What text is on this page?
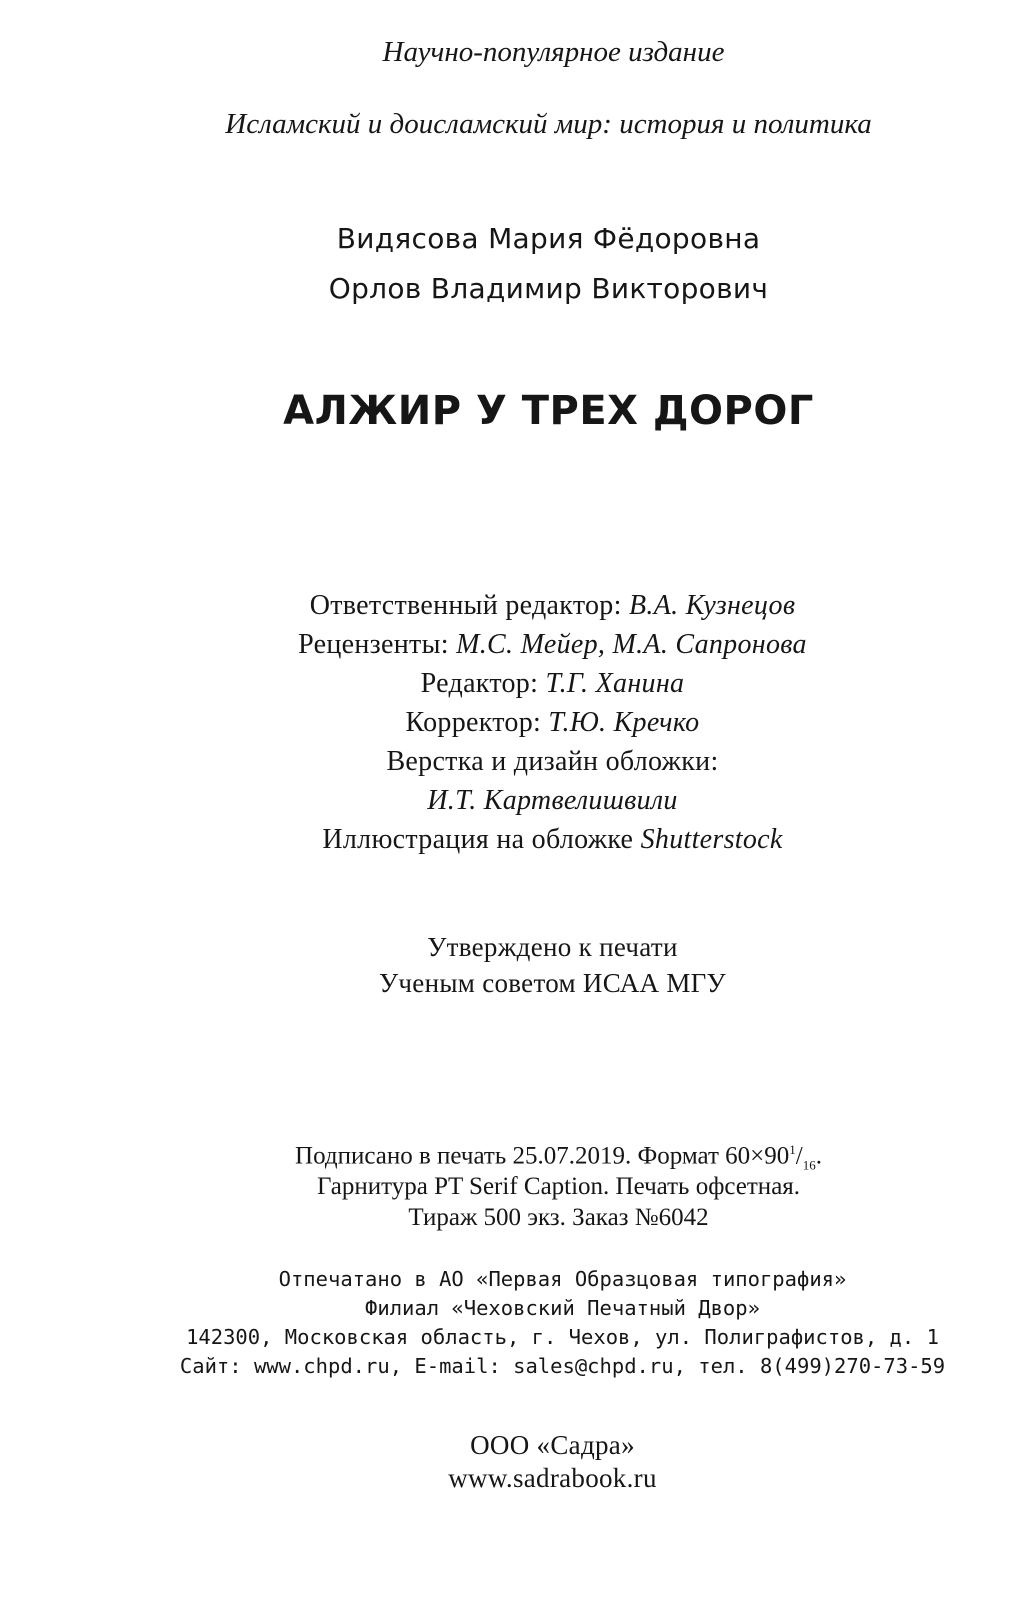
Научно-популярное издание
Исламский и доисламский мир: история и политика
Видясова Мария Фёдоровна
Орлов Владимир Викторович
АЛЖИР У ТРЕХ ДОРОГ
Ответственный редактор: В.А. Кузнецов
Рецензенты: М.С. Мейер, М.А. Сапронова
Редактор: Т.Г. Ханина
Корректор: Т.Ю. Кречко
Верстка и дизайн обложки:
И.Т. Картвелишвили
Иллюстрация на обложке Shutterstock
Утверждено к печати
Ученым советом ИСАА МГУ
Подписано в печать 25.07.2019. Формат $60\times 90^1/_{16}$.
Гарнитура PT Serif Caption. Печать офсетная.
Тираж 500 экз. Заказ №6042
Отпечатано в АО «Первая Образцовая типография»
Филиал «Чеховский Печатный Двор»
142300, Московская область, г. Чехов, ул. Полиграфистов, д. 1
Сайт: www.chpd.ru, E-mail: sales@chpd.ru, тел. 8(499)270-73-59
ООО «Садра»
www.sadrabook.ru
